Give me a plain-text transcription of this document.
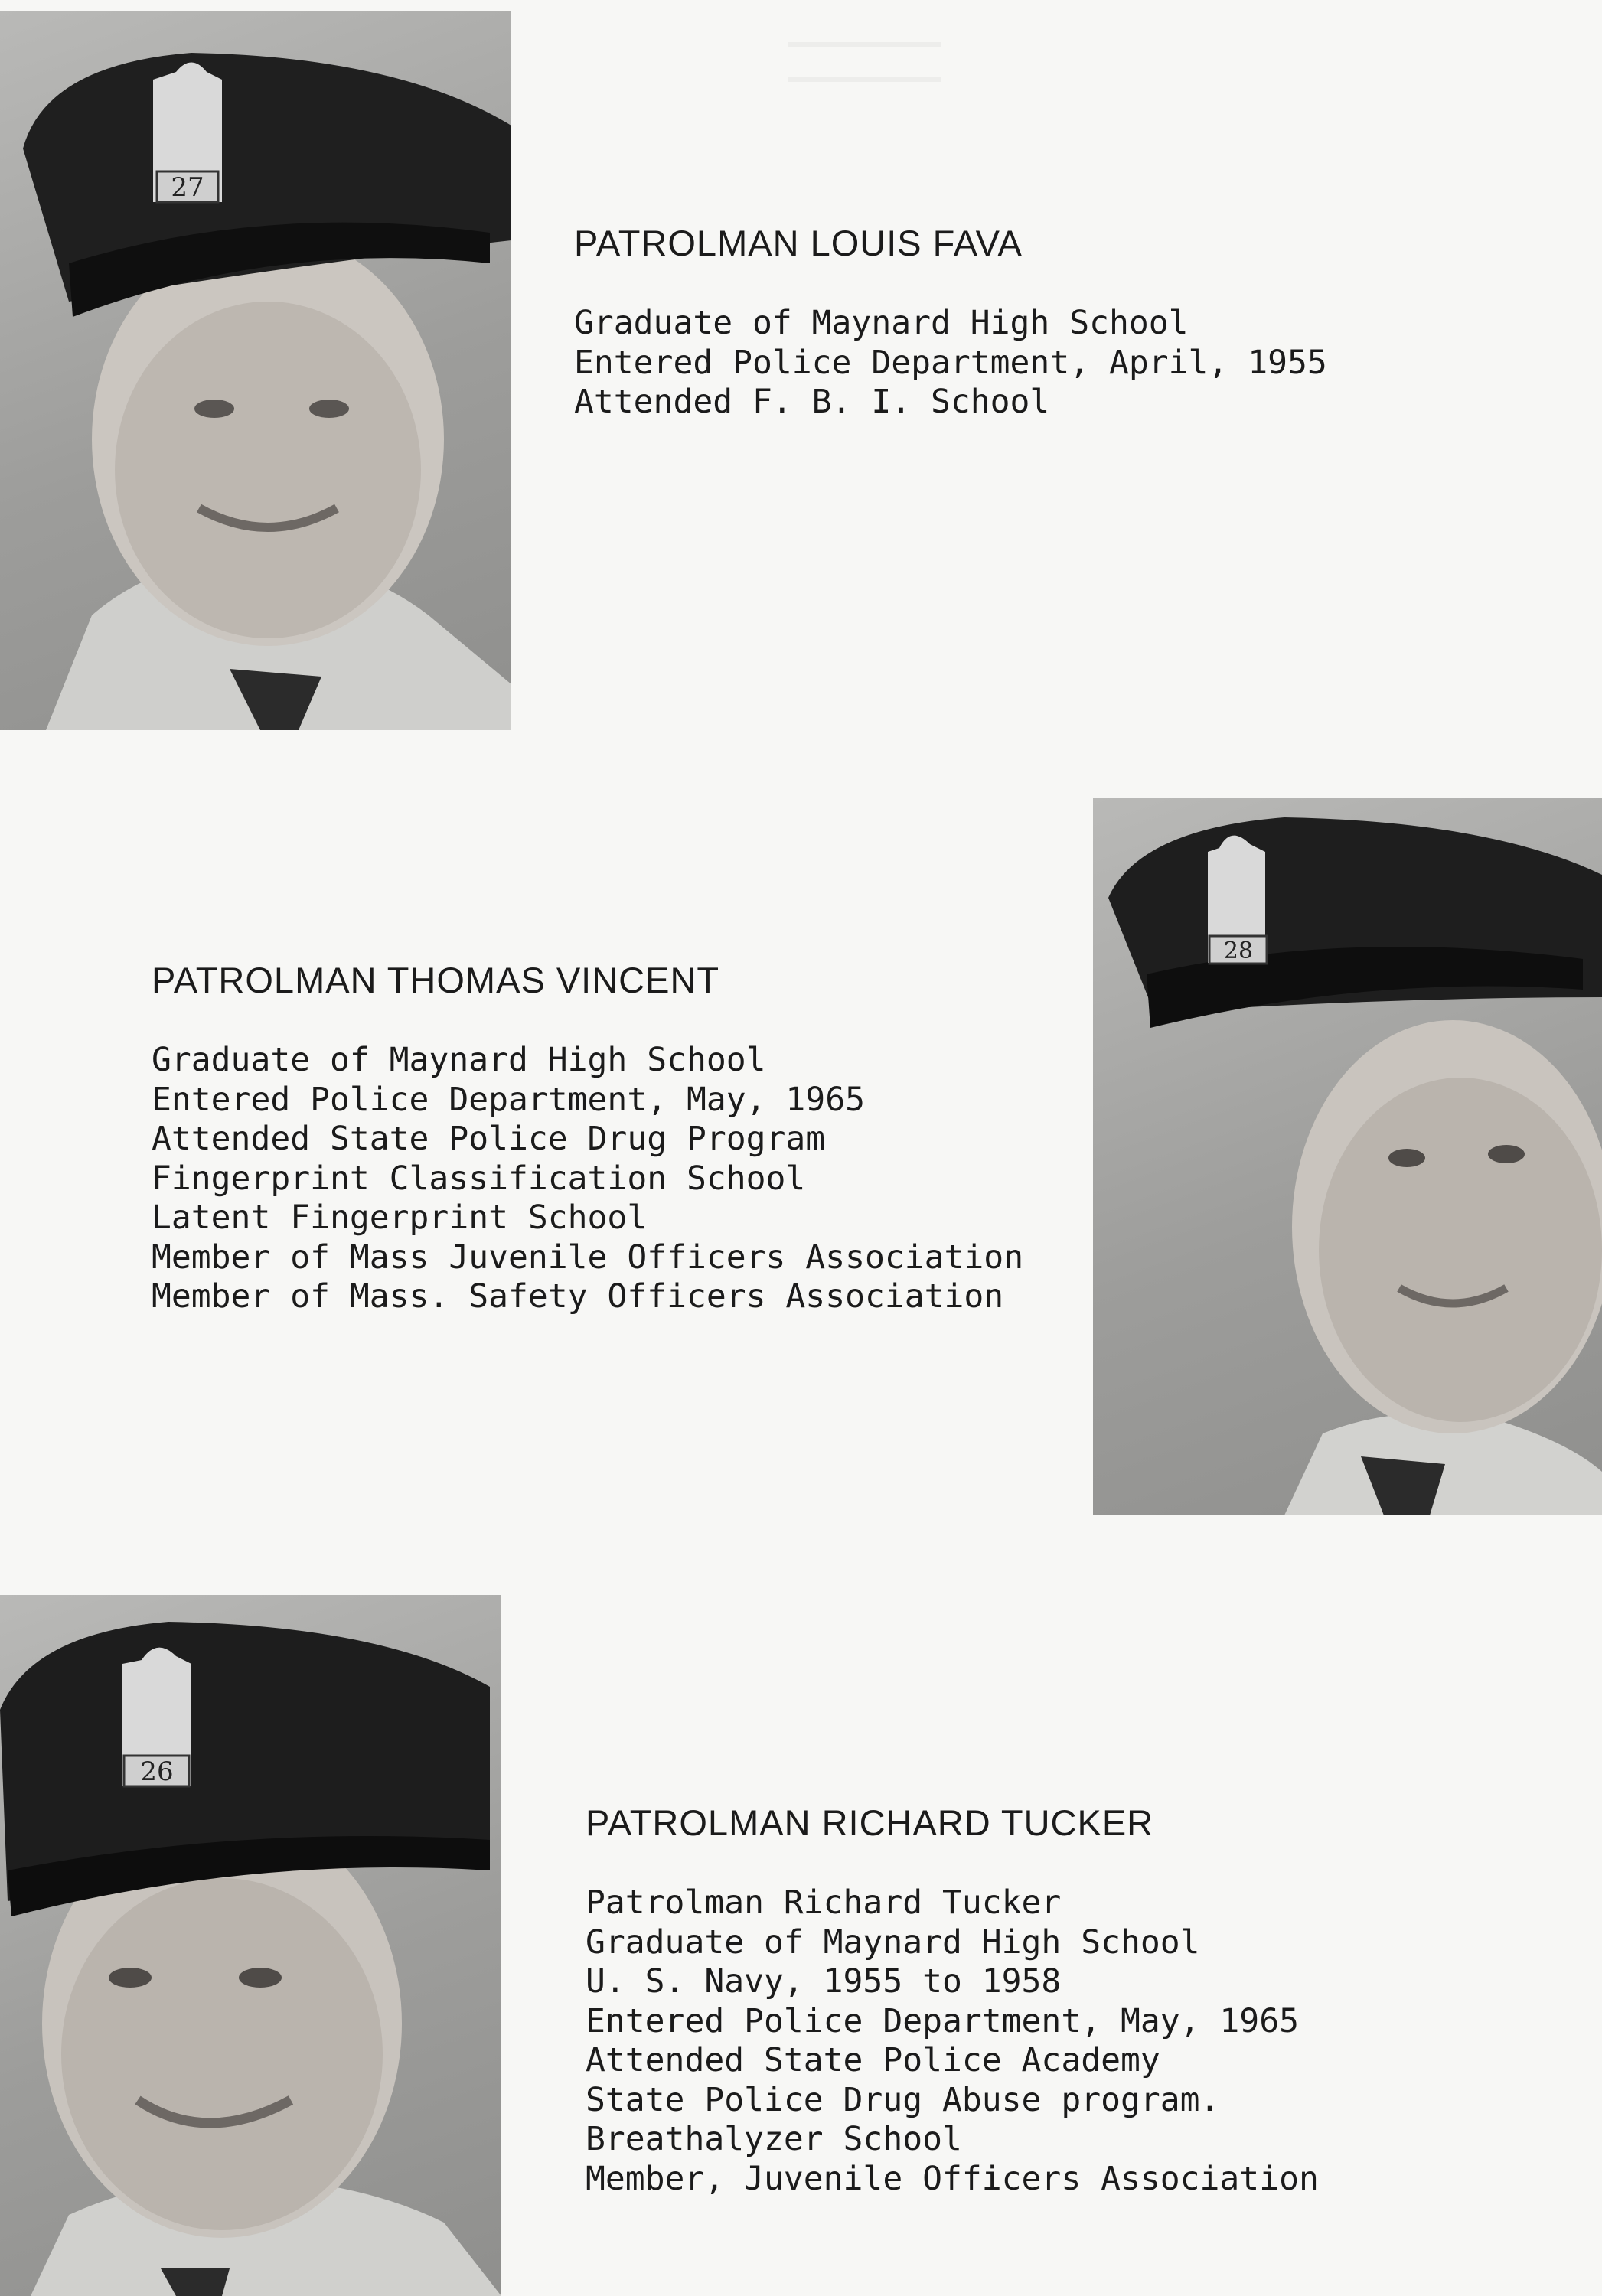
27
PATROLMAN LOUIS FAVA
Graduate of Maynard High School
Entered Police Department, April, 1955
Attended F. B. I. School
PATROLMAN THOMAS VINCENT
Graduate of Maynard High School
Entered Police Department, May, 1965
Attended State Police Drug Program
Fingerprint Classification School
Latent Fingerprint School
Member of Mass Juvenile Officers Association
Member of Mass. Safety Officers Association
28
26
PATROLMAN RICHARD TUCKER
Patrolman Richard Tucker
Graduate of Maynard High School
U. S. Navy, 1955 to 1958
Entered Police Department, May, 1965
Attended State Police Academy
State Police Drug Abuse program.
Breathalyzer School
Member, Juvenile Officers Association
